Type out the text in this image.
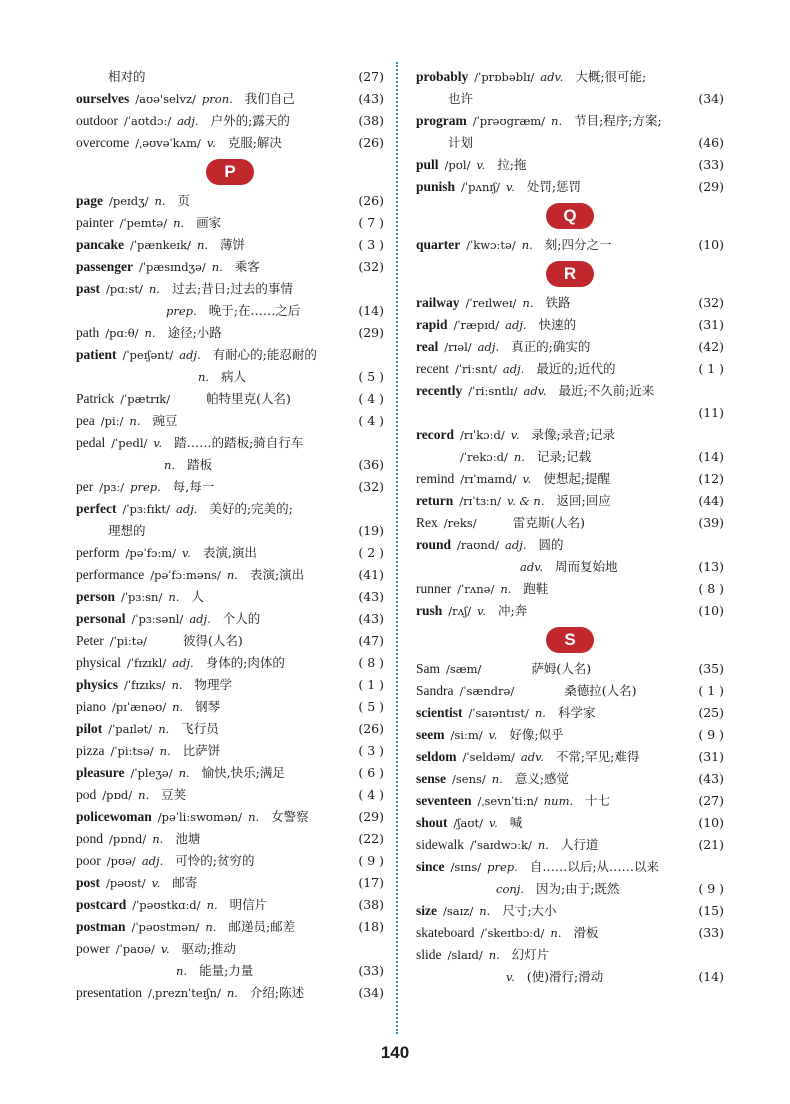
相对的	(27)
ourselves /aʊə'selvz/ pron. 我们自己	(43)
outdoor /ˈaʊtdɔː/ adj. 户外的;露天的	(38)
overcome /ˌəʊvəˈkʌm/ v. 克服;解决	(26)
P
page /peɪdʒ/ n. 页	(26)
painter /ˈpeɪntə/ n. 画家	( 7 )
pancake /ˈpænkeɪk/ n. 薄饼	( 3 )
passenger /ˈpæsɪndʒə/ n. 乘客	(32)
past /pɑːst/ n. 过去;昔日;过去的事情
prep. 晚于;在……之后	(14)
path /pɑːθ/ n. 途径;小路	(29)
patient /ˈpeɪʃənt/ adj. 有耐心的;能忍耐的
n. 病人	( 5 )
Patrick /ˈpætrɪk/	帕特里克(人名)	( 4 )
pea /piː/ n. 豌豆	( 4 )
pedal /ˈpedl/ v. 踏……的踏板;骑自行车
n. 踏板	(36)
per /pɜː/ prep. 每,每一	(32)
perfect /ˈpɜːfɪkt/ adj. 美好的;完美的;
理想的	(19)
perform /pəˈfɔːm/ v. 表演,演出	( 2 )
performance /pəˈfɔːməns/ n. 表演;演出	(41)
person /ˈpɜːsn/ n. 人	(43)
personal /ˈpɜːsənl/ adj. 个人的	(43)
Peter /ˈpiːtə/	彼得(人名)	(47)
physical /ˈfɪzɪkl/ adj. 身体的;肉体的	( 8 )
physics /ˈfɪzɪks/ n. 物理学	( 1 )
piano /pɪˈænəʊ/ n. 钢琴	( 5 )
pilot /ˈpaɪlət/ n. 飞行员	(26)
pizza /ˈpiːtsə/ n. 比萨饼	( 3 )
pleasure /ˈpleʒə/ n. 愉快,快乐;满足	( 6 )
pod /pɒd/ n. 豆荚	( 4 )
policewoman /pəˈliːswʊmən/ n. 女警察	(29)
pond /pɒnd/ n. 池塘	(22)
poor /pʊə/ adj. 可怜的;贫穷的	( 9 )
post /pəʊst/ v. 邮寄	(17)
postcard /ˈpəʊstkɑːd/ n. 明信片	(38)
postman /ˈpəʊstmən/ n. 邮递员;邮差	(18)
power /ˈpaʊə/ v. 驱动;推动
n. 能量;力量	(33)
presentation /ˌpreznˈteɪʃn/ n. 介绍;陈述	(34)
probably /ˈprɒbəblɪ/ adv. 大概;很可能;
也许	(34)
program /ˈprəʊgræm/ n. 节目;程序;方案;
计划	(46)
pull /pʊl/ v. 拉;拖	(33)
punish /ˈpʌnɪʃ/ v. 处罚;惩罚	(29)
Q
quarter /ˈkwɔːtə/ n. 刻;四分之一	(10)
R
railway /ˈreɪlweɪ/ n. 铁路	(32)
rapid /ˈræpɪd/ adj. 快速的	(31)
real /rɪəl/ adj. 真正的;确实的	(42)
recent /ˈriːsnt/ adj. 最近的;近代的	( 1 )
recently /ˈriːsntlɪ/ adv. 最近;不久前;近来
(11)
record /rɪˈkɔːd/ v. 录像;录音;记录
/ˈrekɔːd/ n. 记录;记载	(14)
remind /rɪˈmaɪnd/ v. 使想起;提醒	(12)
return /rɪˈtɜːn/ v. & n. 返回;回应	(44)
Rex /reks/	雷克斯(人名)	(39)
round /raʊnd/ adj. 圆的
adv. 周而复始地	(13)
runner /ˈrʌnə/ n. 跑鞋	( 8 )
rush /rʌʃ/ v. 冲;奔	(10)
S
Sam /sæm/	萨姆(人名)	(35)
Sandra /ˈsændrə/	桑德拉(人名)	( 1 )
scientist /ˈsaɪəntɪst/ n. 科学家	(25)
seem /siːm/ v. 好像;似乎	( 9 )
seldom /ˈseldəm/ adv. 不常;罕见;难得	(31)
sense /sens/ n. 意义;感觉	(43)
seventeen /ˌsevnˈtiːn/ num. 十七	(27)
shout /ʃaʊt/ v. 喊	(10)
sidewalk /ˈsaɪdwɔːk/ n. 人行道	(21)
since /sɪns/ prep. 自……以后;从……以来
conj. 因为;由于;既然	( 9 )
size /saɪz/ n. 尺寸;大小	(15)
skateboard /ˈskeɪtbɔːd/ n. 滑板	(33)
slide /slaɪd/ n. 幻灯片
v. (使)滑行;滑动	(14)
140
